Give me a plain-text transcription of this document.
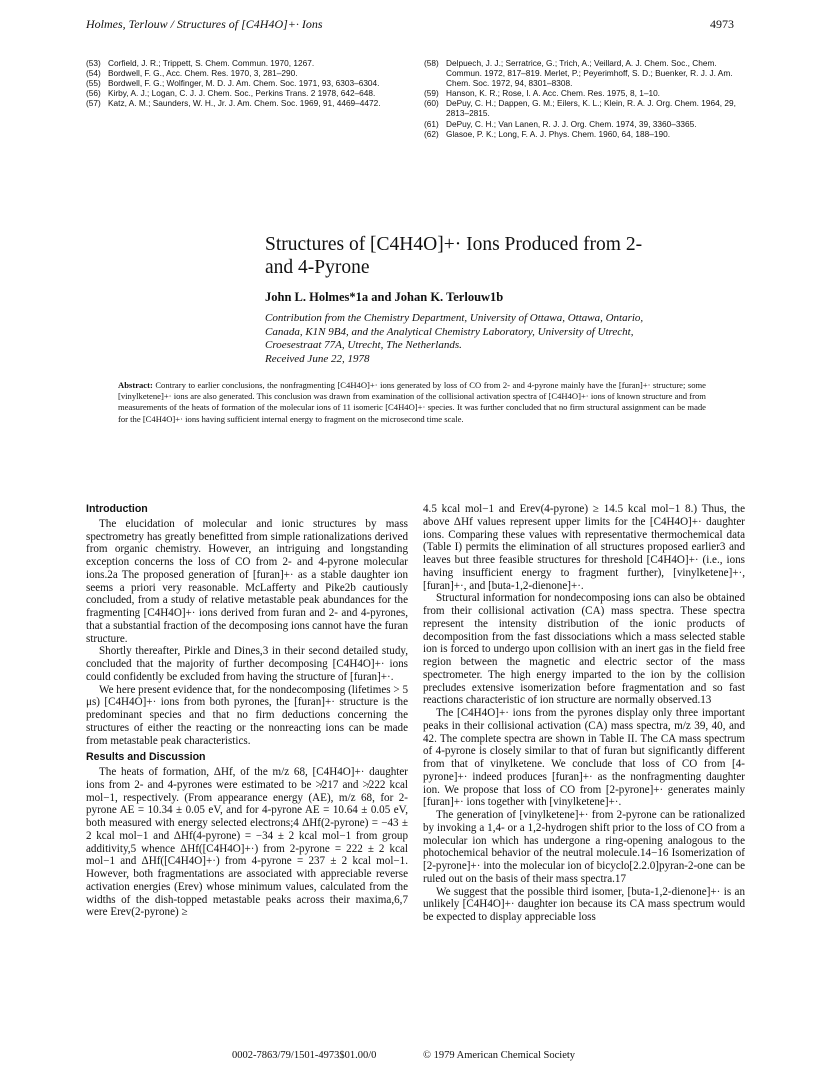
Holmes, Terlouw / Structures of [C4H4O]+· Ions	4973
(53) Corfield, J. R.; Trippett, S. Chem. Commun. 1970, 1267.
(54) Bordwell, F. G., Acc. Chem. Res. 1970, 3, 281–290.
(55) Bordwell, F. G.; Wolfinger, M. D. J. Am. Chem. Soc. 1971, 93, 6303–6304.
(56) Kirby, A. J.; Logan, C. J. J. Chem. Soc., Perkins Trans. 2 1978, 642–648.
(57) Katz, A. M.; Saunders, W. H., Jr. J. Am. Chem. Soc. 1969, 91, 4469–4472.
(58) Delpuech, J. J.; Serratrice, G.; Trich, A.; Veillard, A. J. Chem. Soc., Chem. Commun. 1972, 817–819. Merlet, P.; Peyerimhoff, S. D.; Buenker, R. J. J. Am. Chem. Soc. 1972, 94, 8301–8308.
(59) Hanson, K. R.; Rose, I. A. Acc. Chem. Res. 1975, 8, 1–10.
(60) DePuy, C. H.; Dappen, G. M.; Eilers, K. L.; Klein, R. A. J. Org. Chem. 1964, 29, 2813–2815.
(61) DePuy, C. H.; Van Lanen, R. J. J. Org. Chem. 1974, 39, 3360–3365.
(62) Glasoe, P. K.; Long, F. A. J. Phys. Chem. 1960, 64, 188–190.
Structures of [C4H4O]+· Ions Produced from 2- and 4-Pyrone
John L. Holmes*1a and Johan K. Terlouw1b
Contribution from the Chemistry Department, University of Ottawa, Ottawa, Ontario, Canada, K1N 9B4, and the Analytical Chemistry Laboratory, University of Utrecht, Croesestraat 77A, Utrecht, The Netherlands.
Received June 22, 1978
Abstract: Contrary to earlier conclusions, the nonfragmenting [C4H4O]+· ions generated by loss of CO from 2- and 4-pyrone mainly have the [furan]+· structure; some [vinylketene]+· ions are also generated. This conclusion was drawn from examination of the collisional activation spectra of [C4H4O]+· ions of known structure and from measurements of the heats of formation of the molecular ions of 11 isomeric [C4H4O]+· species. It was further concluded that no firm structural assignment can be made for the [C4H4O]+· ions having sufficient internal energy to fragment on the microsecond time scale.
Introduction

The elucidation of molecular and ionic structures by mass spectrometry has greatly benefitted from simple rationalizations derived from organic chemistry. However, an intriguing and longstanding exception concerns the loss of CO from 2- and 4-pyrone molecular ions.2a The proposed generation of [furan]+· as a stable daughter ion seems a priori very reasonable. McLafferty and Pike2b cautiously concluded, from a study of relative metastable peak abundances for the fragmenting [C4H4O]+· ions derived from furan and 2- and 4-pyrones, that a substantial fraction of the decomposing ions cannot have the furan structure.

Shortly thereafter, Pirkle and Dines,3 in their second detailed study, concluded that the majority of further decomposing [C4H4O]+· ions could confidently be excluded from having the structure of [furan]+·.

We here present evidence that, for the nondecomposing (lifetimes > 5 μs) [C4H4O]+· ions from both pyrones, the [furan]+· structure is the predominant species and that no firm deductions concerning the structures of either the reacting or the nonreacting ions can be made from metastable peak characteristics.

Results and Discussion

The heats of formation, ΔHf, of the m/z 68, [C4H4O]+· daughter ions from 2- and 4-pyrones were estimated to be ≯217 and ≯222 kcal mol−1, respectively. (From appearance energy (AE), m/z 68, for 2-pyrone AE = 10.34 ± 0.05 eV, and for 4-pyrone AE = 10.64 ± 0.05 eV, both measured with energy selected electrons;4 ΔHf(2-pyrone) = −43 ± 2 kcal mol−1 and ΔHf(4-pyrone) = −34 ± 2 kcal mol−1 from group additivity,5 whence ΔHf([C4H4O]+·) from 2-pyrone = 222 ± 2 kcal mol−1 and ΔHf([C4H4O]+·) from 4-pyrone = 237 ± 2 kcal mol−1. However, both fragmentations are associated with appreciable reverse activation energies (Erev) whose minimum values, calculated from the widths of the dish-topped metastable peaks across their maxima,6,7 were Erev(2-pyrone) ≥

4.5 kcal mol−1 and Erev(4-pyrone) ≥ 14.5 kcal mol−1 8.) Thus, the above ΔHf values represent upper limits for the [C4H4O]+· daughter ions. Comparing these values with representative thermochemical data (Table I) permits the elimination of all structures proposed earlier3 and leaves but three feasible structures for threshold [C4H4O]+· (i.e., ions having insufficient energy to fragment further), [vinylketene]+·, [furan]+·, and [buta-1,2-dienone]+·.

Structural information for nondecomposing ions can also be obtained from their collisional activation (CA) mass spectra. These spectra represent the intensity distribution of the ionic products of decomposition from the fast dissociations which a mass selected stable ion is forced to undergo upon collision with an inert gas in the field free region between the magnetic and electric sector of the mass spectrometer. The high energy imparted to the ion by the collision precludes extensive isomerization before fragmentation and so fast reactions characteristic of ion structure are normally observed.13

The [C4H4O]+· ions from the pyrones display only three important peaks in their collisional activation (CA) mass spectra, m/z 39, 40, and 42. The complete spectra are shown in Table II. The CA mass spectrum of 4-pyrone is closely similar to that of furan but significantly different from that of vinylketene. We conclude that loss of CO from [4-pyrone]+· indeed produces [furan]+· as the nonfragmenting daughter ion. We propose that loss of CO from [2-pyrone]+· generates mainly [furan]+· ions together with [vinylketene]+·.

The generation of [vinylketene]+· from 2-pyrone can be rationalized by invoking a 1,4- or a 1,2-hydrogen shift prior to the loss of CO from a molecular ion which has undergone a ring-opening analogous to the photochemical behavior of the neutral molecule.14−16 Isomerization of [2-pyrone]+· into the molecular ion of bicyclo[2.2.0]pyran-2-one can be ruled out on the basis of their mass spectra.17

We suggest that the possible third isomer, [buta-1,2-dienone]+· is an unlikely [C4H4O]+· daughter ion because its CA mass spectrum would be expected to display appreciable loss

0002-7863/79/1501-4973$01.00/0	© 1979 American Chemical Society
